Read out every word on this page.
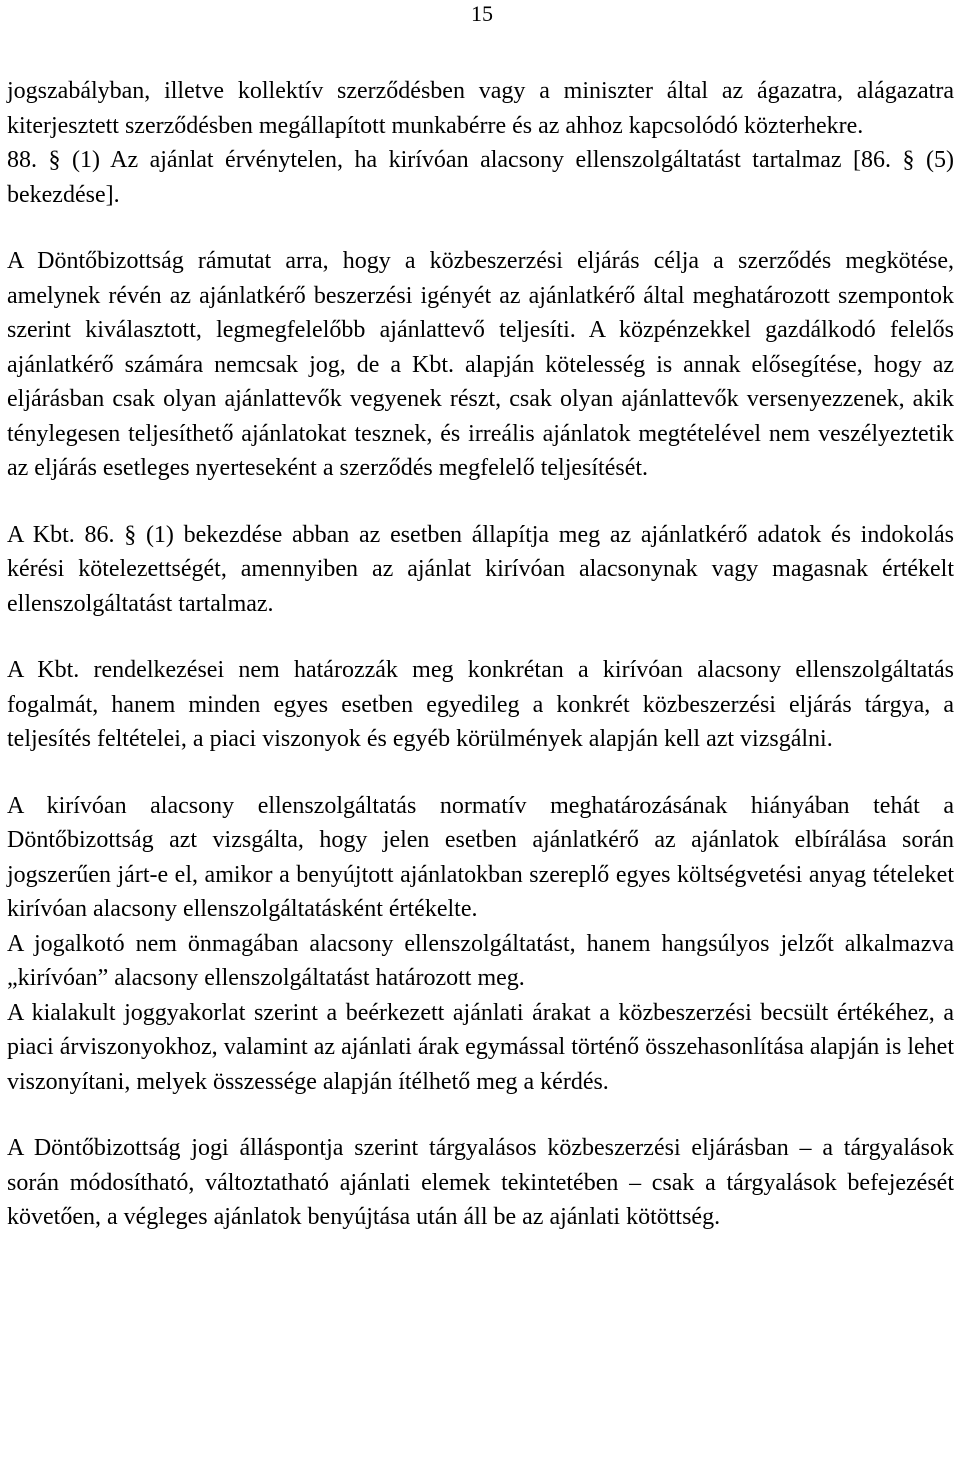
15

jogszabályban, illetve kollektív szerződésben vagy a miniszter által az ágazatra, alágazatra kiterjesztett szerződésben megállapított munkabérre és az ahhoz kapcsolódó közterhekre.

88. § (1) Az ajánlat érvénytelen, ha kirívóan alacsony ellenszolgáltatást tartalmaz [86. § (5) bekezdése].

A Döntőbizottság rámutat arra, hogy a közbeszerzési eljárás célja a szerződés megkötése, amelynek révén az ajánlatkérő beszerzési igényét az ajánlatkérő által meghatározott szempontok szerint kiválasztott, legmegfelelőbb ajánlattevő teljesíti. A közpénzekkel gazdálkodó felelős ajánlatkérő számára nemcsak jog, de a Kbt. alapján kötelesség is annak elősegítése, hogy az eljárásban csak olyan ajánlattevők vegyenek részt, csak olyan ajánlattevők versenyezzenek, akik ténylegesen teljesíthető ajánlatokat tesznek, és irreális ajánlatok megtételével nem veszélyeztetik az eljárás esetleges nyerteseként a szerződés megfelelő teljesítését.

A Kbt. 86. § (1) bekezdése abban az esetben állapítja meg az ajánlatkérő adatok és indokolás kérési kötelezettségét, amennyiben az ajánlat kirívóan alacsonynak vagy magasnak értékelt ellenszolgáltatást tartalmaz.

A Kbt. rendelkezései nem határozzák meg konkrétan a kirívóan alacsony ellenszolgáltatás fogalmát, hanem minden egyes esetben egyedileg a konkrét közbeszerzési eljárás tárgya, a teljesítés feltételei, a piaci viszonyok és egyéb körülmények alapján kell azt vizsgálni.

A kirívóan alacsony ellenszolgáltatás normatív meghatározásának hiányában tehát a Döntőbizottság azt vizsgálta, hogy jelen esetben ajánlatkérő az ajánlatok elbírálása során jogszerűen járt-e el, amikor a benyújtott ajánlatokban szereplő egyes költségvetési anyag tételeket kirívóan alacsony ellenszolgáltatásként értékelte.

A jogalkotó nem önmagában alacsony ellenszolgáltatást, hanem hangsúlyos jelzőt alkalmazva „kirívóan” alacsony ellenszolgáltatást határozott meg.

A kialakult joggyakorlat szerint a beérkezett ajánlati árakat a közbeszerzési becsült értékéhez, a piaci árviszonyokhoz, valamint az ajánlati árak egymással történő összehasonlítása alapján is lehet viszonyítani, melyek összessége alapján ítélhető meg a kérdés.

A Döntőbizottság jogi álláspontja szerint tárgyalásos közbeszerzési eljárásban – a tárgyalások során módosítható, változtatható ajánlati elemek tekintetében – csak a tárgyalások befejezését követően, a végleges ajánlatok benyújtása után áll be az ajánlati kötöttség.
